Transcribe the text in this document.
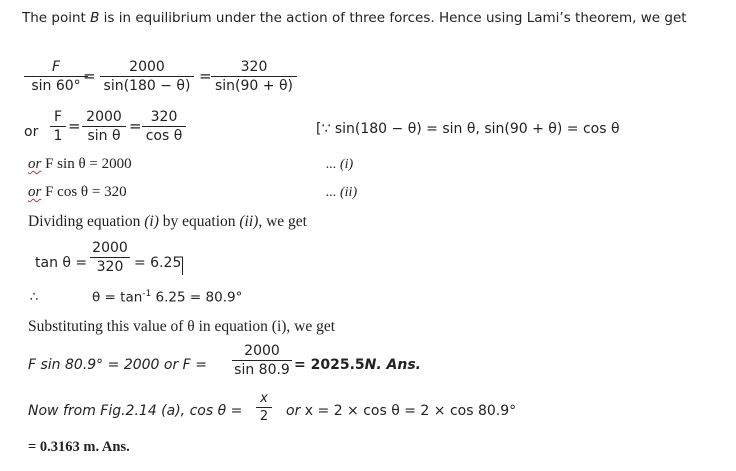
The point B is in equilibrium under the action of three forces. Hence using Lami’s theorem, we get
F
sin 60°
=	2000
sin(180 − θ)
=	320
sin(90 + θ)
or
F
1
= 2000
sin θ
= 320
cos θ	[∵ sin(180 − θ) = sin θ, sin(90 + θ) = cos θ
or F sin θ = 2000	... (i)
or F cos θ = 320	... (ii)
Dividing equation (i) by equation (ii), we get
tan θ =
2000
320 = 6.25
∴	$\theta = \tan^{-1} 6.25 = 80.9^\circ$
Substituting this value of θ in equation (i), we get
F sin 80.9° = 2000 or F =
2000
sin 80.9 = 2025.5N. Ans.
Now from Fig.2.14 (a), cos θ =
x
2 or x = 2 × cos θ = 2 × cos 80.9°
= 0.3163 m. Ans.
